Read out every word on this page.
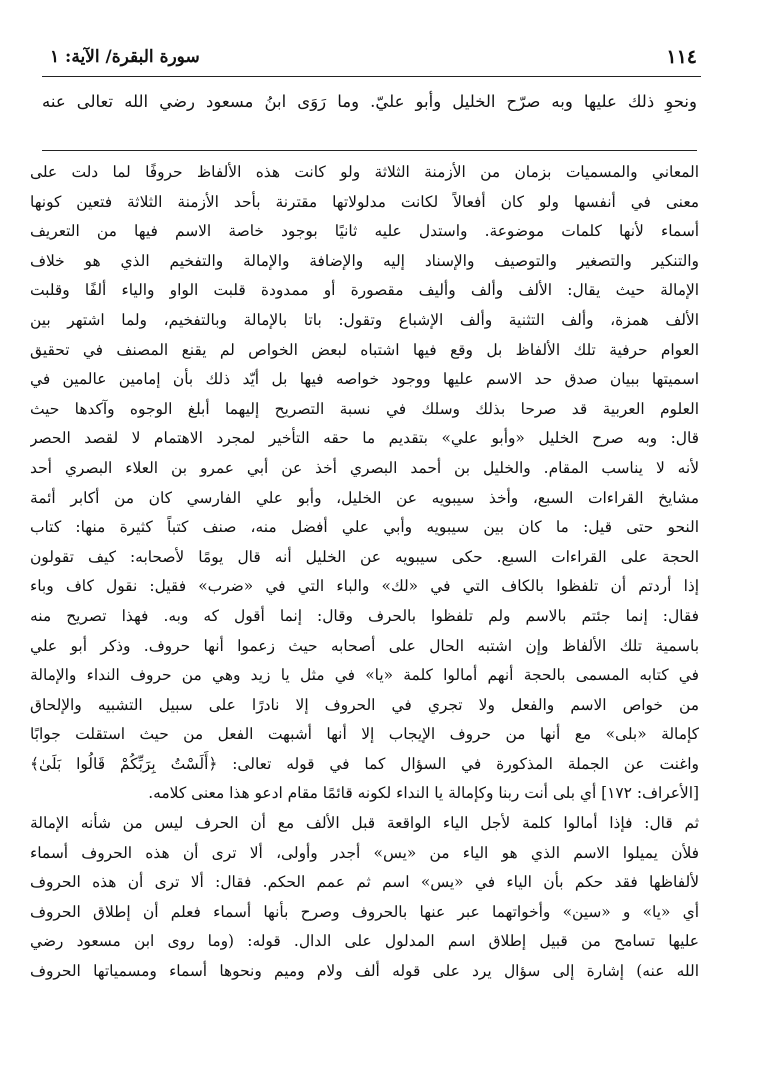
١١٤
سورة البقرة/ الآية: ١
ونحوِ ذلك عليها وبه صرّح الخليل وأبو عليّ. وما رَوَى ابنُ مسعود رضي الله تعالى عنه
المعاني والمسميات بزمان من الأزمنة الثلاثة ولو كانت هذه الألفاظ حروفًا لما دلت على
معنى في أنفسها ولو كان أفعالاً لكانت مدلولاتها مقترنة بأحد الأزمنة الثلاثة فتعين كونها
أسماء لأنها كلمات موضوعة. واستدل عليه ثانيًا بوجود خاصة الاسم فيها من التعريف
والتنكير والتصغير والتوصيف والإسناد إليه والإضافة والإمالة والتفخيم الذي هو خلاف
الإمالة حيث يقال: الألف وألف وأليف مقصورة أو ممدودة قلبت الواو والياء ألفًا وقلبت
الألف همزة، وألف التثنية وألف الإشباع وتقول: باتا بالإمالة وبالتفخيم، ولما اشتهر بين
العوام حرفية تلك الألفاظ بل وقع فيها اشتباه لبعض الخواص لم يقنع المصنف في تحقيق
اسميتها ببيان صدق حد الاسم عليها ووجود خواصه فيها بل أيّد ذلك بأن إمامين عالمين في
العلوم العربية قد صرحا بذلك وسلك في نسبة التصريح إليهما أبلغ الوجوه وآكدها حيث
قال: وبه صرح الخليل «وأبو علي» بتقديم ما حقه التأخير لمجرد الاهتمام لا لقصد الحصر
لأنه لا يناسب المقام. والخليل بن أحمد البصري أخذ عن أبي عمرو بن العلاء البصري أحد
مشايخ القراءات السبع، وأخذ سيبويه عن الخليل، وأبو علي الفارسي كان من أكابر أئمة
النحو حتى قيل: ما كان بين سيبويه وأبي علي أفضل منه، صنف كتباً كثيرة منها: كتاب
الحجة على القراءات السبع. حكى سيبويه عن الخليل أنه قال يومًا لأصحابه: كيف تقولون
إذا أردتم أن تلفظوا بالكاف التي في «لك» والباء التي في «ضرب» فقيل: نقول كاف وباء
فقال: إنما جئتم بالاسم ولم تلفظوا بالحرف وقال: إنما أقول كه وبه. فهذا تصريح منه
باسمية تلك الألفاظ وإن اشتبه الحال على أصحابه حيث زعموا أنها حروف. وذكر أبو علي
في كتابه المسمى بالحجة أنهم أمالوا كلمة «يا» في مثل يا زيد وهي من حروف النداء والإمالة
من خواص الاسم والفعل ولا تجري في الحروف إلا نادرًا على سبيل التشبيه والإلحاق
كإمالة «بلى» مع أنها من حروف الإيجاب إلا أنها أشبهت الفعل من حيث استقلت جوابًا
واغنت عن الجملة المذكورة في السؤال كما في قوله تعالى: ﴿أَلَسْتُ بِرَبِّكُمْ قَالُوا بَلَىٰ﴾
[الأعراف: ١٧٢] أي بلى أنت ربنا وكإمالة يا النداء لكونه قائمًا مقام ادعو هذا معنى كلامه.
ثم قال: فإذا أمالوا كلمة لأجل الياء الواقعة قبل الألف مع أن الحرف ليس من شأنه الإمالة
فلأن يميلوا الاسم الذي هو الياء من «يس» أجدر وأولى، ألا ترى أن هذه الحروف أسماء
لألفاظها فقد حكم بأن الياء في «يس» اسم ثم عمم الحكم. فقال: ألا ترى أن هذه الحروف
أي «يا» و «سين» وأخواتهما عبر عنها بالحروف وصرح بأنها أسماء فعلم أن إطلاق الحروف
عليها تسامح من قبيل إطلاق اسم المدلول على الدال. قوله: (وما روى ابن مسعود رضي
الله عنه) إشارة إلى سؤال يرد على قوله ألف ولام وميم ونحوها أسماء ومسمياتها الحروف
